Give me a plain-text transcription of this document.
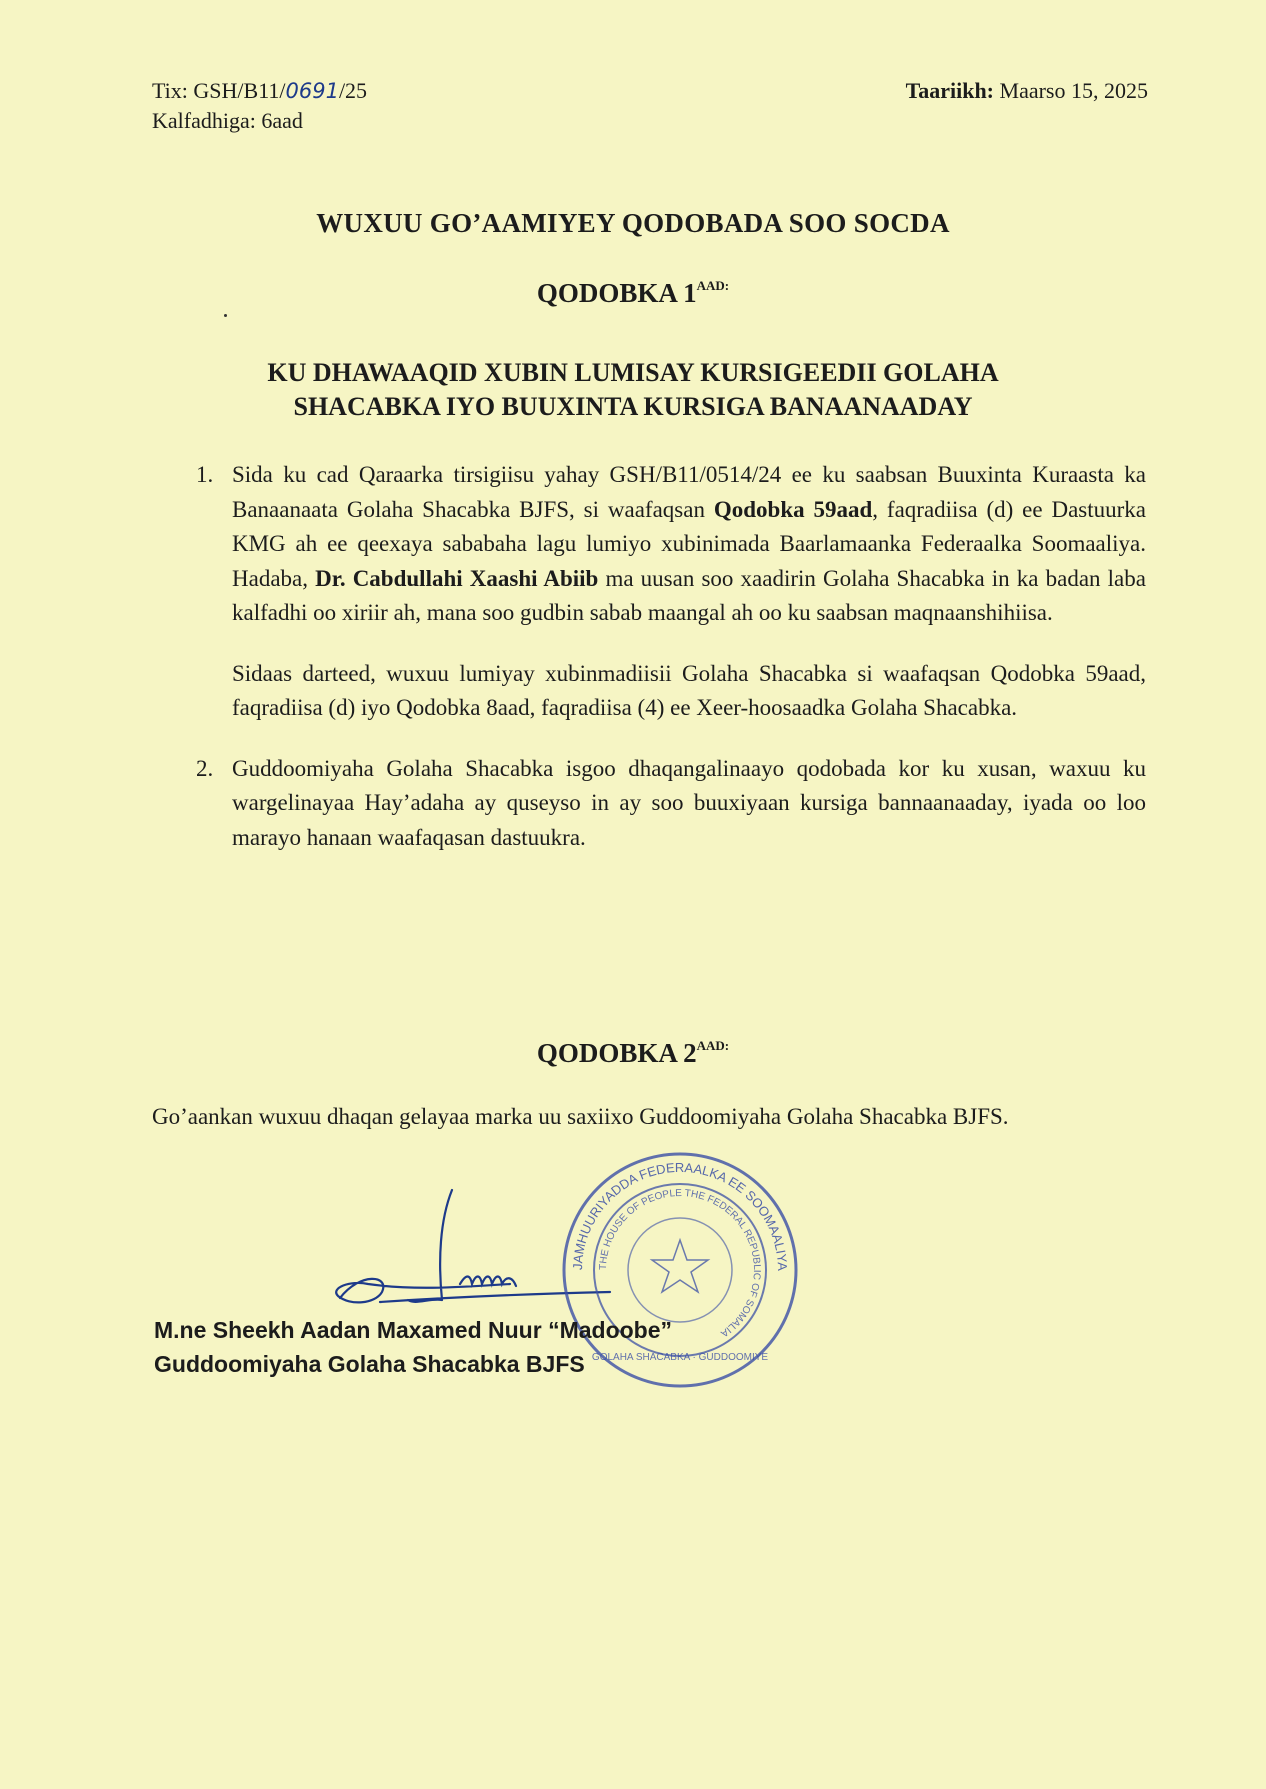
Tix: GSH/B11/0691/25
Kalfadhiga: 6aad
Taariikh: Maarso 15, 2025
WUXUU GO’AAMIYEY QODOBADA SOO SOCDA
QODOBKA $1^{AAD:}$
KU DHAWAAQID XUBIN LUMISAY KURSIGEEDII GOLAHA
SHACABKA IYO BUUXINTA KURSIGA BANAANAADAY
1. Sida ku cad Qaraarka tirsigiisu yahay GSH/B11/0514/24 ee ku saabsan Buuxinta Kuraasta ka Banaanaata Golaha Shacabka BJFS, si waafaqsan Qodobka 59aad, faqradiisa (d) ee Dastuurka KMG ah ee qeexaya sababaha lagu lumiyo xubinimada Baarlamaanka Federaalka Soomaaliya. Hadaba, Dr. Cabdullahi Xaashi Abiib ma uusan soo xaadirin Golaha Shacabka in ka badan laba kalfadhi oo xiriir ah, mana soo gudbin sabab maangal ah oo ku saabsan maqnaanshihiisa.
Sidaas darteed, wuxuu lumiyay xubinmadiisii Golaha Shacabka si waafaqsan Qodobka 59aad, faqradiisa (d) iyo Qodobka 8aad, faqradiisa (4) ee Xeer-hoosaadka Golaha Shacabka.
2. Guddoomiyaha Golaha Shacabka isgoo dhaqangalinaayo qodobada kor ku xusan, waxuu ku wargelinayaa Hay’adaha ay quseyso in ay soo buuxiyaan kursiga bannaanaaday, iyada oo loo marayo hanaan waafaqasan dastuukra.
QODOBKA $2^{AAD:}$
Go’aankan wuxuu dhaqan gelayaa marka uu saxiixo Guddoomiyaha Golaha Shacabka BJFS.
JAMHUURIYADDA FEDERAALKA EE SOOMAALIYA
THE HOUSE OF PEOPLE THE FEDERAL REPUBLIC OF SOMALIA
GOLAHA SHACABKA · GUDDOOMIYE
M.ne Sheekh Aadan Maxamed Nuur “Madoobe”
Guddoomiyaha Golaha Shacabka BJFS
